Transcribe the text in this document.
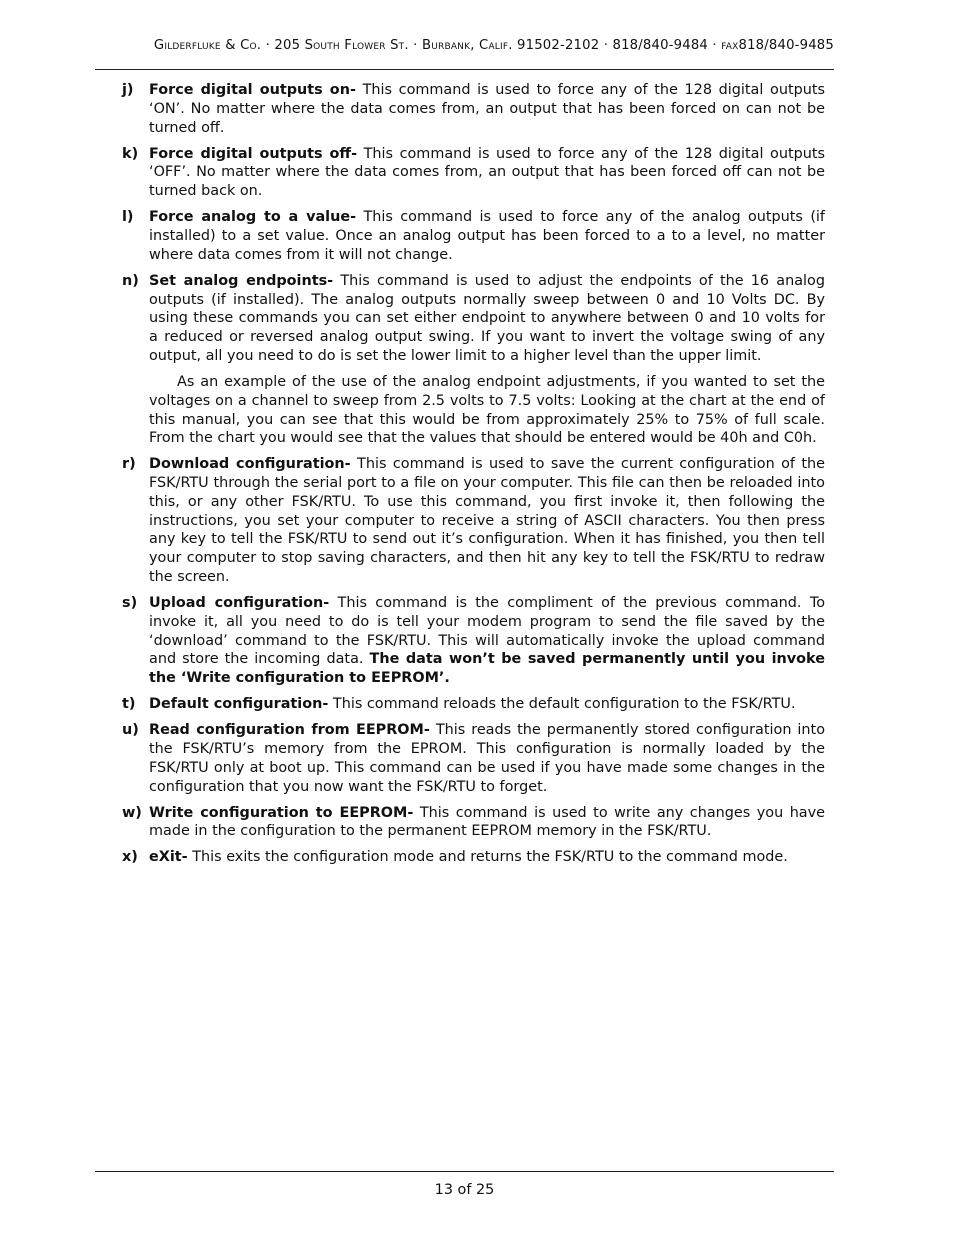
Gilderfluke & Co. · 205 South Flower St. · Burbank, Calif. 91502-2102 · 818/840-9484 · fax818/840-9485
j)	Force digital outputs on- This command is used to force any of the 128 digital outputs ‘ON’. No matter where the data comes from, an output that has been forced on can not be turned off.
k) Force digital outputs off- This command is used to force any of the 128 digital outputs ‘OFF’. No matter where the data comes from, an output that has been forced off can not be turned back on.
l)	Force analog to a value- This command is used to force any of the analog outputs (if installed) to a set value. Once an analog output has been forced to a to a level, no matter where data comes from it will not change.
n) Set analog endpoints- This command is used to adjust the endpoints of the 16 analog outputs (if installed). The analog outputs normally sweep between 0 and 10 Volts DC. By using these commands you can set either endpoint to anywhere between 0 and 10 volts for a reduced or reversed analog output swing. If you want to invert the voltage swing of any output, all you need to do is set the lower limit to a higher level than the upper limit.
As an example of the use of the analog endpoint adjustments, if you wanted to set the voltages on a channel to sweep from 2.5 volts to 7.5 volts: Looking at the chart at the end of this manual, you can see that this would be from approximately 25% to 75% of full scale. From the chart you would see that the values that should be entered would be 40h and C0h.
r) Download configuration- This command is used to save the current configuration of the FSK/RTU through the serial port to a file on your computer. This file can then be reloaded into this, or any other FSK/RTU. To use this command, you first invoke it, then following the instructions, you set your computer to receive a string of ASCII characters. You then press any key to tell the FSK/RTU to send out it’s configuration. When it has finished, you then tell your computer to stop saving characters, and then hit any key to tell the FSK/RTU to redraw the screen.
s) Upload configuration- This command is the compliment of the previous command. To invoke it, all you need to do is tell your modem program to send the file saved by the ‘download’ command to the FSK/RTU. This will automatically invoke the upload command and store the incoming data. The data won’t be saved permanently until you invoke the ‘Write configuration to EEPROM’.
t) Default configuration- This command reloads the default configuration to the FSK/RTU.
u) Read configuration from EEPROM- This reads the permanently stored configuration into the FSK/RTU’s memory from the EPROM. This configuration is normally loaded by the FSK/RTU only at boot up. This command can be used if you have made some changes in the configuration that you now want the FSK/RTU to forget.
w) Write configuration to EEPROM- This command is used to write any changes you have made in the configuration to the permanent EEPROM memory in the FSK/RTU.
x) eXit- This exits the configuration mode and returns the FSK/RTU to the command mode.
13 of 25
